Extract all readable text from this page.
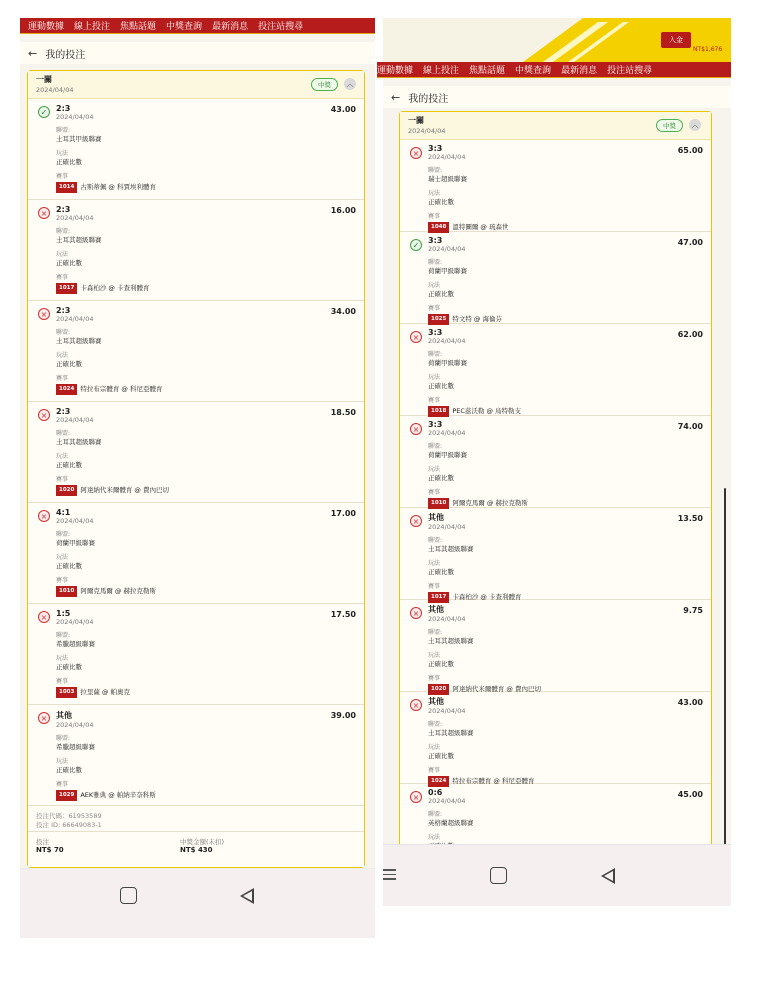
運動數據 線上投注 焦點話題 中獎查詢 最新消息 投注站搜尋
← 我的投注
一關
2024/04/04
中獎	︿
✓	2:3
2024/04/04
43.00
聯盟:
土耳其甲級聯賽
玩法
正確比數
賽事
1014 古斯蒂佩 @ 科賈埃利體育
×	2:3
2024/04/04
16.00
聯盟:
土耳其超級聯賽
玩法
正確比數
賽事
1017 卡森柏沙 @ 卡查利體育
×	2:3
2024/04/04
34.00
聯盟:
土耳其超級聯賽
玩法
正確比數
賽事
1024 特拉布宗體育 @ 科尼亞體育
×	2:3
2024/04/04
18.50
聯盟:
土耳其超級聯賽
玩法
正確比數
賽事
1020 阿達納代米爾體育 @ 費內巴切
×	4:1
2024/04/04
17.00
聯盟:
荷蘭甲級聯賽
玩法
正確比數
賽事
1010 阿爾克馬爾 @ 赫拉克勒斯
×	1:5
2024/04/04
17.50
聯盟:
希臘超級聯賽
玩法
正確比數
賽事
1003 拉里薩 @ 帕奧克
×	其他
2024/04/04
39.00
聯盟:
希臘超級聯賽
玩法
正確比數
賽事
1029 AEK雅典 @ 帕納辛奈科斯
投注代碼：61953589
投注 ID: 66649083-1
投注
NT$ 70
中獎金額(未扣)
NT$ 430
入金
NT$1,676
運動數據 線上投注 焦點話題 中獎查詢 最新消息 投注站搜尋
← 我的投注
一關
2024/04/04
中獎	︿
×
3:3
2024/04/04
65.00
聯盟:
瑞士超級聯賽
玩法
正確比數
賽事
1048 溫特圖爾 @ 琉森世
✓
3:3
2024/04/04
47.00
聯盟:
荷蘭甲級聯賽
玩法
正確比數
賽事
1025 特文特 @ 海倫芬
×
3:3
2024/04/04
62.00
聯盟:
荷蘭甲級聯賽
玩法
正確比數
賽事
1018 PEC茲沃勒 @ 烏特勒支
×
3:3
2024/04/04
74.00
聯盟:
荷蘭甲級聯賽
玩法
正確比數
賽事
1010 阿爾克馬爾 @ 赫拉克勒斯
×	其他
2024/04/04
13.50
聯盟:
土耳其超級聯賽
玩法
正確比數
賽事
1017 卡森柏沙 @ 卡查利體育
×	其他
2024/04/04
9.75
聯盟:
土耳其超級聯賽
玩法
正確比數
賽事
1020 阿達納代米爾體育 @ 費內巴切
×	其他
2024/04/04
43.00
聯盟:
土耳其超級聯賽
玩法
正確比數
賽事
1024 特拉布宗體育 @ 科尼亞體育
×
0:6
2024/04/04
45.00
聯盟:
英格蘭超級聯賽
玩法
